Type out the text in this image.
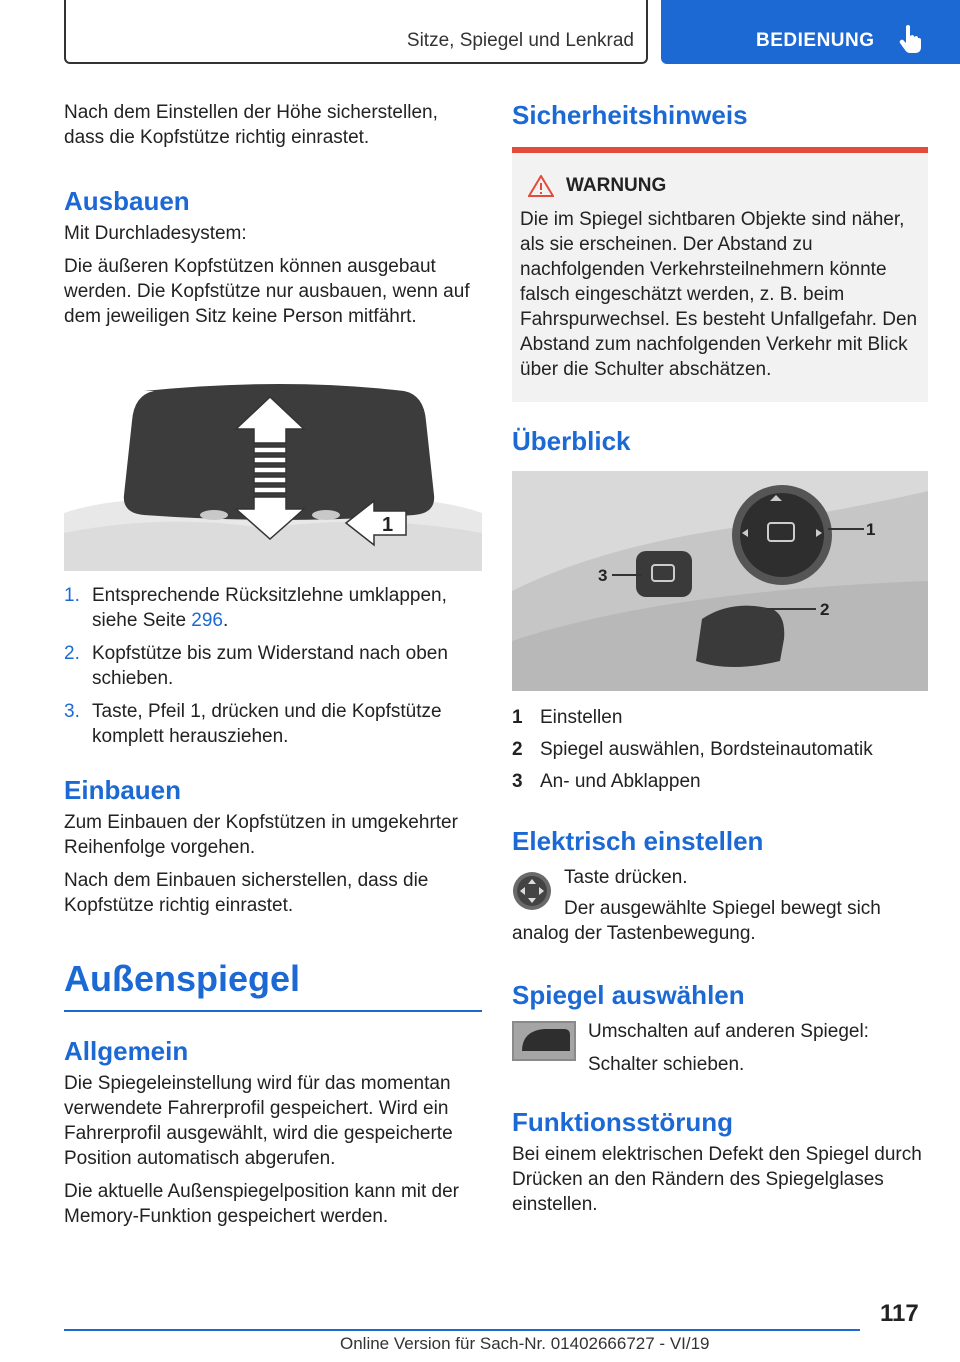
Sitze, Spiegel und Lenkrad	BEDIENUNG

Nach dem Einstellen der Höhe sicherstellen, dass die Kopfstütze richtig einrastet.

Ausbauen

Mit Durchladesystem:

Die äußeren Kopfstützen können ausgebaut werden. Die Kopfstütze nur ausbauen, wenn auf dem jeweiligen Sitz keine Person mitfährt.

1
1. Entsprechende Rücksitzlehne umklappen, siehe Seite 296.
2. Kopfstütze bis zum Widerstand nach oben schieben.
3. Taste, Pfeil 1, drücken und die Kopfstütze komplett herausziehen.
Einbauen

Zum Einbauen der Kopfstützen in umgekehrter Reihenfolge vorgehen.

Nach dem Einbauen sicherstellen, dass die Kopfstütze richtig einrastet.

Außenspiegel
Allgemein

Die Spiegeleinstellung wird für das momentan verwendete Fahrerprofil gespeichert. Wird ein Fahrerprofil ausgewählt, wird die gespeicherte Position automatisch abgerufen.

Die aktuelle Außenspiegelposition kann mit der Memory-Funktion gespeichert werden.

Sicherheitshinweis
WARNUNG

Die im Spiegel sichtbaren Objekte sind näher, als sie erscheinen. Der Abstand zu nachfolgenden Verkehrsteilnehmern könnte falsch eingeschätzt werden, z. B. beim Fahrspurwechsel. Es besteht Unfallgefahr. Den Abstand zum nachfolgenden Verkehr mit Blick über die Schulter abschätzen.

Überblick
1
2
3
1 Einstellen
2 Spiegel auswählen, Bordsteinautomatik
3 An- und Abklappen
Elektrisch einstellen

Taste drücken.

Der ausgewählte Spiegel bewegt sich analog der Tastenbewegung.

Spiegel auswählen

Umschalten auf anderen Spiegel:

Schalter schieben.

Funktionsstörung

Bei einem elektrischen Defekt den Spiegel durch Drücken an den Rändern des Spiegelglases einstellen.

117
Online Version für Sach-Nr. 01402666727 - VI/19
